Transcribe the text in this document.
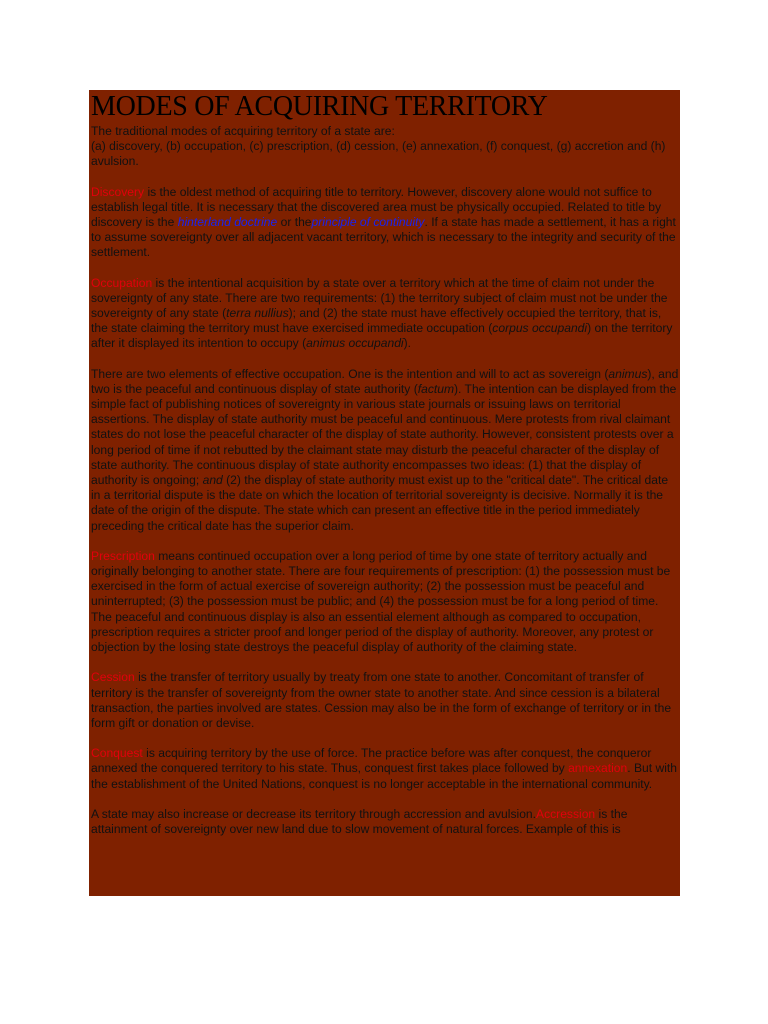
MODES OF ACQUIRING TERRITORY

The traditional modes of acquiring territory of a state are:
(a) discovery, (b) occupation, (c) prescription, (d) cession, (e) annexation, (f) conquest, (g) accretion and (h) avulsion.

Discovery is the oldest method of acquiring title to territory. However, discovery alone would not suffice to establish legal title. It is necessary that the discovered area must be physically occupied. Related to title by discovery is the hinterland doctrine or theprinciple of continuity. If a state has made a settlement, it has a right to assume sovereignty over all adjacent vacant territory, which is necessary to the integrity and security of the settlement.

Occupation is the intentional acquisition by a state over a territory which at the time of claim not under the sovereignty of any state. There are two requirements: (1) the territory subject of claim must not be under the sovereignty of any state (terra nullius); and (2) the state must have effectively occupied the territory, that is, the state claiming the territory must have exercised immediate occupation (corpus occupandi) on the territory after it displayed its intention to occupy (animus occupandi).

There are two elements of effective occupation. One is the intention and will to act as sovereign (animus), and two is the peaceful and continuous display of state authority (factum). The intention can be displayed from the simple fact of publishing notices of sovereignty in various state journals or issuing laws on territorial assertions. The display of state authority must be peaceful and continuous. Mere protests from rival claimant states do not lose the peaceful character of the display of state authority. However, consistent protests over a long period of time if not rebutted by the claimant state may disturb the peaceful character of the display of state authority. The continuous display of state authority encompasses two ideas: (1) that the display of authority is ongoing; and (2) the display of state authority must exist up to the "critical date". The critical date in a territorial dispute is the date on which the location of territorial sovereignty is decisive. Normally it is the date of the origin of the dispute. The state which can present an effective title in the period immediately preceding the critical date has the superior claim.

Prescription means continued occupation over a long period of time by one state of territory actually and originally belonging to another state. There are four requirements of prescription: (1) the possession must be exercised in the form of actual exercise of sovereign authority; (2) the possession must be peaceful and uninterrupted; (3) the possession must be public; and (4) the possession must be for a long period of time. The peaceful and continuous display is also an essential element although as compared to occupation, prescription requires a stricter proof and longer period of the display of authority. Moreover, any protest or objection by the losing state destroys the peaceful display of authority of the claiming state.

Cession is the transfer of territory usually by treaty from one state to another. Concomitant of transfer of territory is the transfer of sovereignty from the owner state to another state. And since cession is a bilateral transaction, the parties involved are states. Cession may also be in the form of exchange of territory or in the form gift or donation or devise.

Conquest is acquiring territory by the use of force. The practice before was after conquest, the conqueror annexed the conquered territory to his state. Thus, conquest first takes place followed by annexation. But with the establishment of the United Nations, conquest is no longer acceptable in the international community.

A state may also increase or decrease its territory through accression and avulsion.Accression is the attainment of sovereignty over new land due to slow movement of natural forces. Example of this is
